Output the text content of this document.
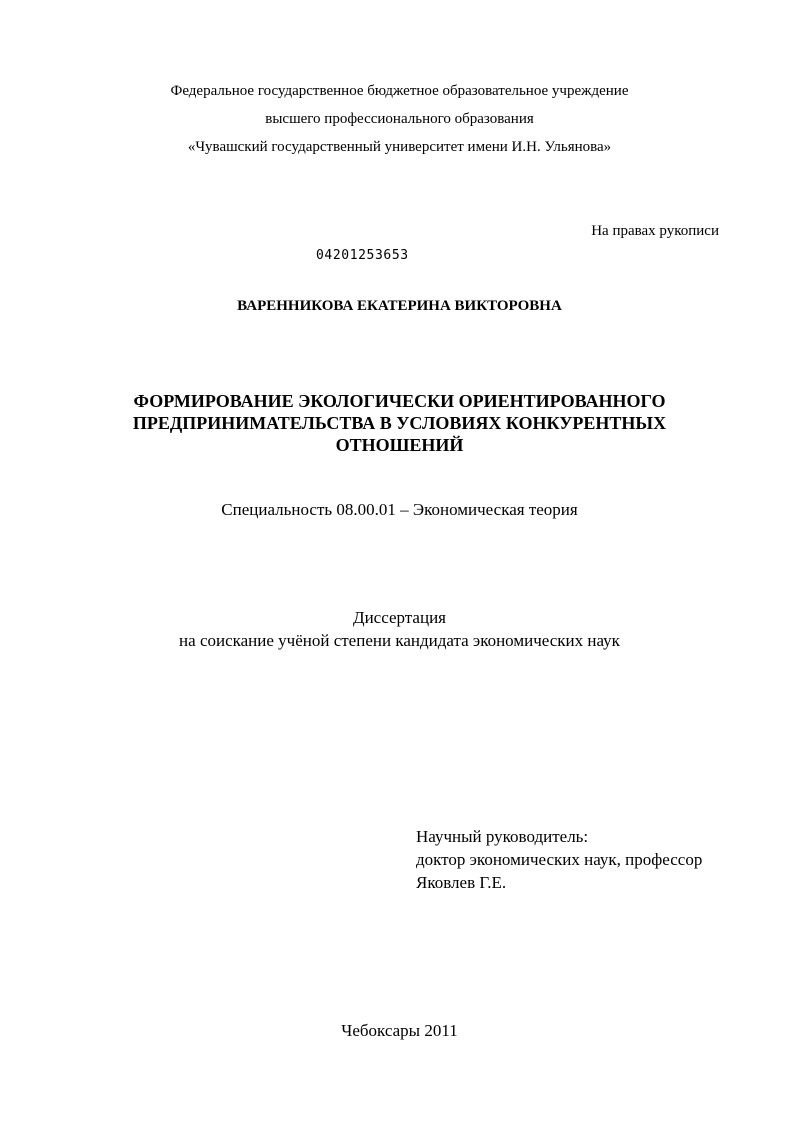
Федеральное государственное бюджетное образовательное учреждение

высшего профессионального образования

«Чувашский государственный университет имени И.Н. Ульянова»

На правах рукописи

04201253653

ВАРЕННИКОВА ЕКАТЕРИНА ВИКТОРОВНА

ФОРМИРОВАНИЕ ЭКОЛОГИЧЕСКИ ОРИЕНТИРОВАННОГО

ПРЕДПРИНИМАТЕЛЬСТВА В УСЛОВИЯХ КОНКУРЕНТНЫХ

ОТНОШЕНИЙ

Специальность 08.00.01 – Экономическая теория

Диссертация

на соискание учёной степени кандидата экономических наук

Научный руководитель:

доктор экономических наук, профессор

Яковлев Г.Е.

Чебоксары 2011
